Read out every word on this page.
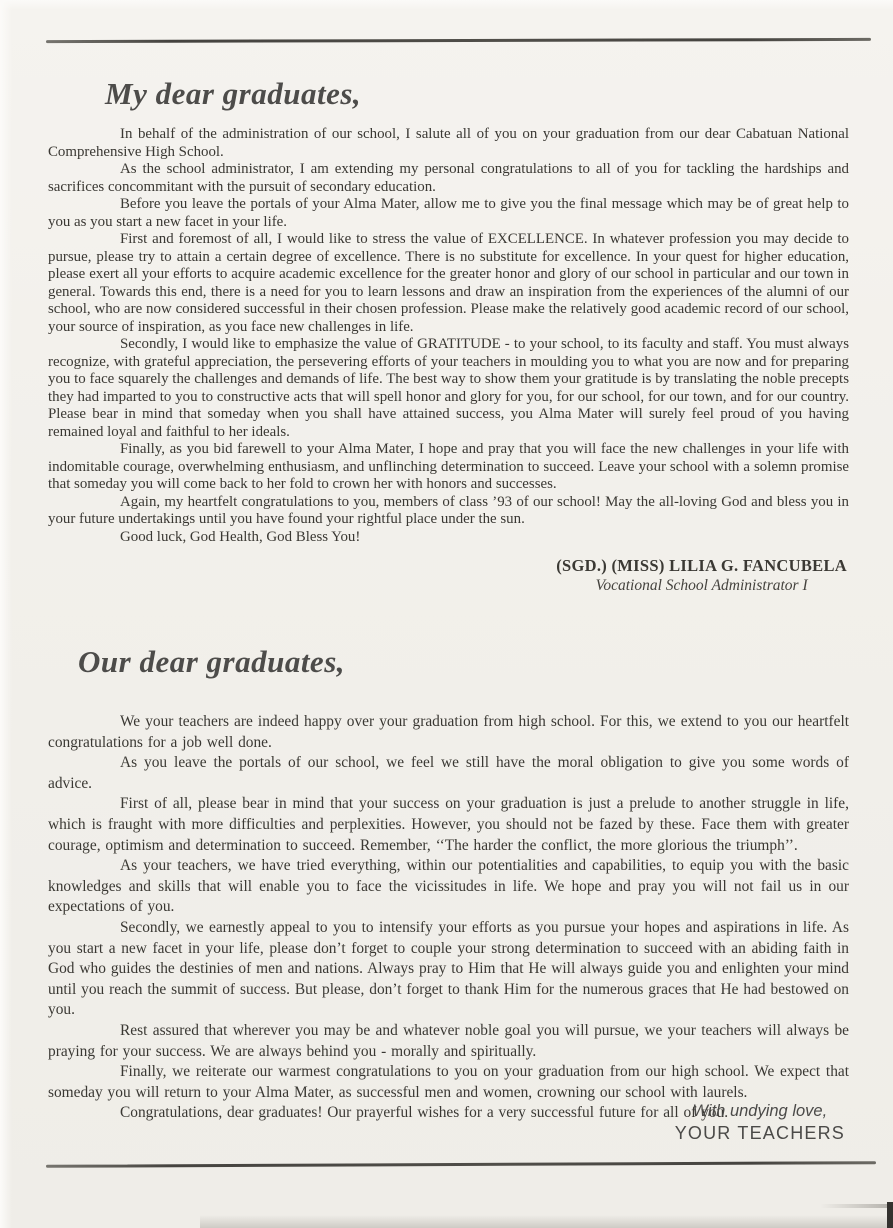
My dear graduates,

In behalf of the administration of our school, I salute all of you on your graduation from our dear Cabatuan National Comprehensive High School.

As the school administrator, I am extending my personal congratulations to all of you for tackling the hardships and sacrifices concommitant with the pursuit of secondary education.

Before you leave the portals of your Alma Mater, allow me to give you the final message which may be of great help to you as you start a new facet in your life.

First and foremost of all, I would like to stress the value of EXCELLENCE. In whatever profession you may decide to pursue, please try to attain a certain degree of excellence. There is no substitute for excellence. In your quest for higher education, please exert all your efforts to acquire academic excellence for the greater honor and glory of our school in particular and our town in general. Towards this end, there is a need for you to learn lessons and draw an inspiration from the experiences of the alumni of our school, who are now considered successful in their chosen profession. Please make the relatively good academic record of our school, your source of inspiration, as you face new challenges in life.

Secondly, I would like to emphasize the value of GRATITUDE - to your school, to its faculty and staff. You must always recognize, with grateful appreciation, the persevering efforts of your teachers in moulding you to what you are now and for preparing you to face squarely the challenges and demands of life. The best way to show them your gratitude is by translating the noble precepts they had imparted to you to constructive acts that will spell honor and glory for you, for our school, for our town, and for our country. Please bear in mind that someday when you shall have attained success, you Alma Mater will surely feel proud of you having remained loyal and faithful to her ideals.

Finally, as you bid farewell to your Alma Mater, I hope and pray that you will face the new challenges in your life with indomitable courage, overwhelming enthusiasm, and unflinching determination to succeed. Leave your school with a solemn promise that someday you will come back to her fold to crown her with honors and successes.

Again, my heartfelt congratulations to you, members of class ’93 of our school! May the all-loving God and bless you in your future undertakings until you have found your rightful place under the sun.

Good luck, God Health, God Bless You!

(SGD.) (MISS) LILIA G. FANCUBELA
Vocational School Administrator I
Our dear graduates,

We your teachers are indeed happy over your graduation from high school. For this, we extend to you our heartfelt congratulations for a job well done.

As you leave the portals of our school, we feel we still have the moral obligation to give you some words of advice.

First of all, please bear in mind that your success on your graduation is just a prelude to another struggle in life, which is fraught with more difficulties and perplexities. However, you should not be fazed by these. Face them with greater courage, optimism and determination to succeed. Remember, ‘‘The harder the conflict, the more glorious the triumph’’.

As your teachers, we have tried everything, within our potentialities and capabilities, to equip you with the basic knowledges and skills that will enable you to face the vicissitudes in life. We hope and pray you will not fail us in our expectations of you.

Secondly, we earnestly appeal to you to intensify your efforts as you pursue your hopes and aspirations in life. As you start a new facet in your life, please don’t forget to couple your strong determination to succeed with an abiding faith in God who guides the destinies of men and nations. Always pray to Him that He will always guide you and enlighten your mind until you reach the summit of success. But please, don’t forget to thank Him for the numerous graces that He had bestowed on you.

Rest assured that wherever you may be and whatever noble goal you will pursue, we your teachers will always be praying for your success. We are always behind you - morally and spiritually.

Finally, we reiterate our warmest congratulations to you on your graduation from our high school. We expect that someday you will return to your Alma Mater, as successful men and women, crowning our school with laurels.

Congratulations, dear graduates! Our prayerful wishes for a very successful future for all of you.

With undying love,
YOUR TEACHERS
